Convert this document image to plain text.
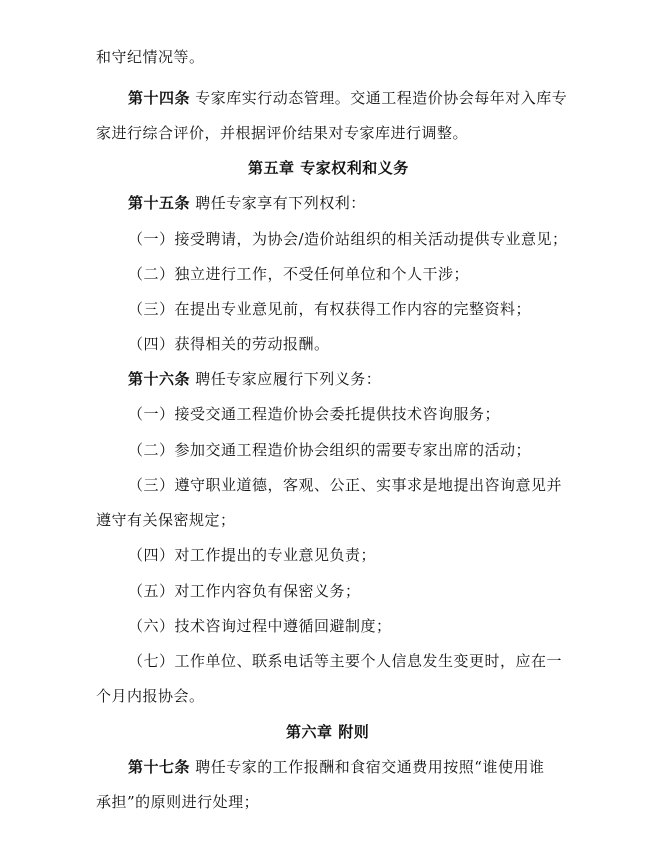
和守纪情况等。
第十四条 专家库实行动态管理。交通工程造价协会每年对入库专
家进行综合评价，并根据评价结果对专家库进行调整。
第五章 专家权利和义务
第十五条 聘任专家享有下列权利：
（一）接受聘请，为协会/造价站组织的相关活动提供专业意见；
（二）独立进行工作，不受任何单位和个人干涉；
（三）在提出专业意见前，有权获得工作内容的完整资料；
（四）获得相关的劳动报酬。
第十六条 聘任专家应履行下列义务：
（一）接受交通工程造价协会委托提供技术咨询服务；
（二）参加交通工程造价协会组织的需要专家出席的活动；
（三）遵守职业道德，客观、公正、实事求是地提出咨询意见并
遵守有关保密规定；
（四）对工作提出的专业意见负责；
（五）对工作内容负有保密义务；
（六）技术咨询过程中遵循回避制度；
（七）工作单位、联系电话等主要个人信息发生变更时，应在一
个月内报协会。
第六章 附则
第十七条 聘任专家的工作报酬和食宿交通费用按照“谁使用谁
承担”的原则进行处理；
